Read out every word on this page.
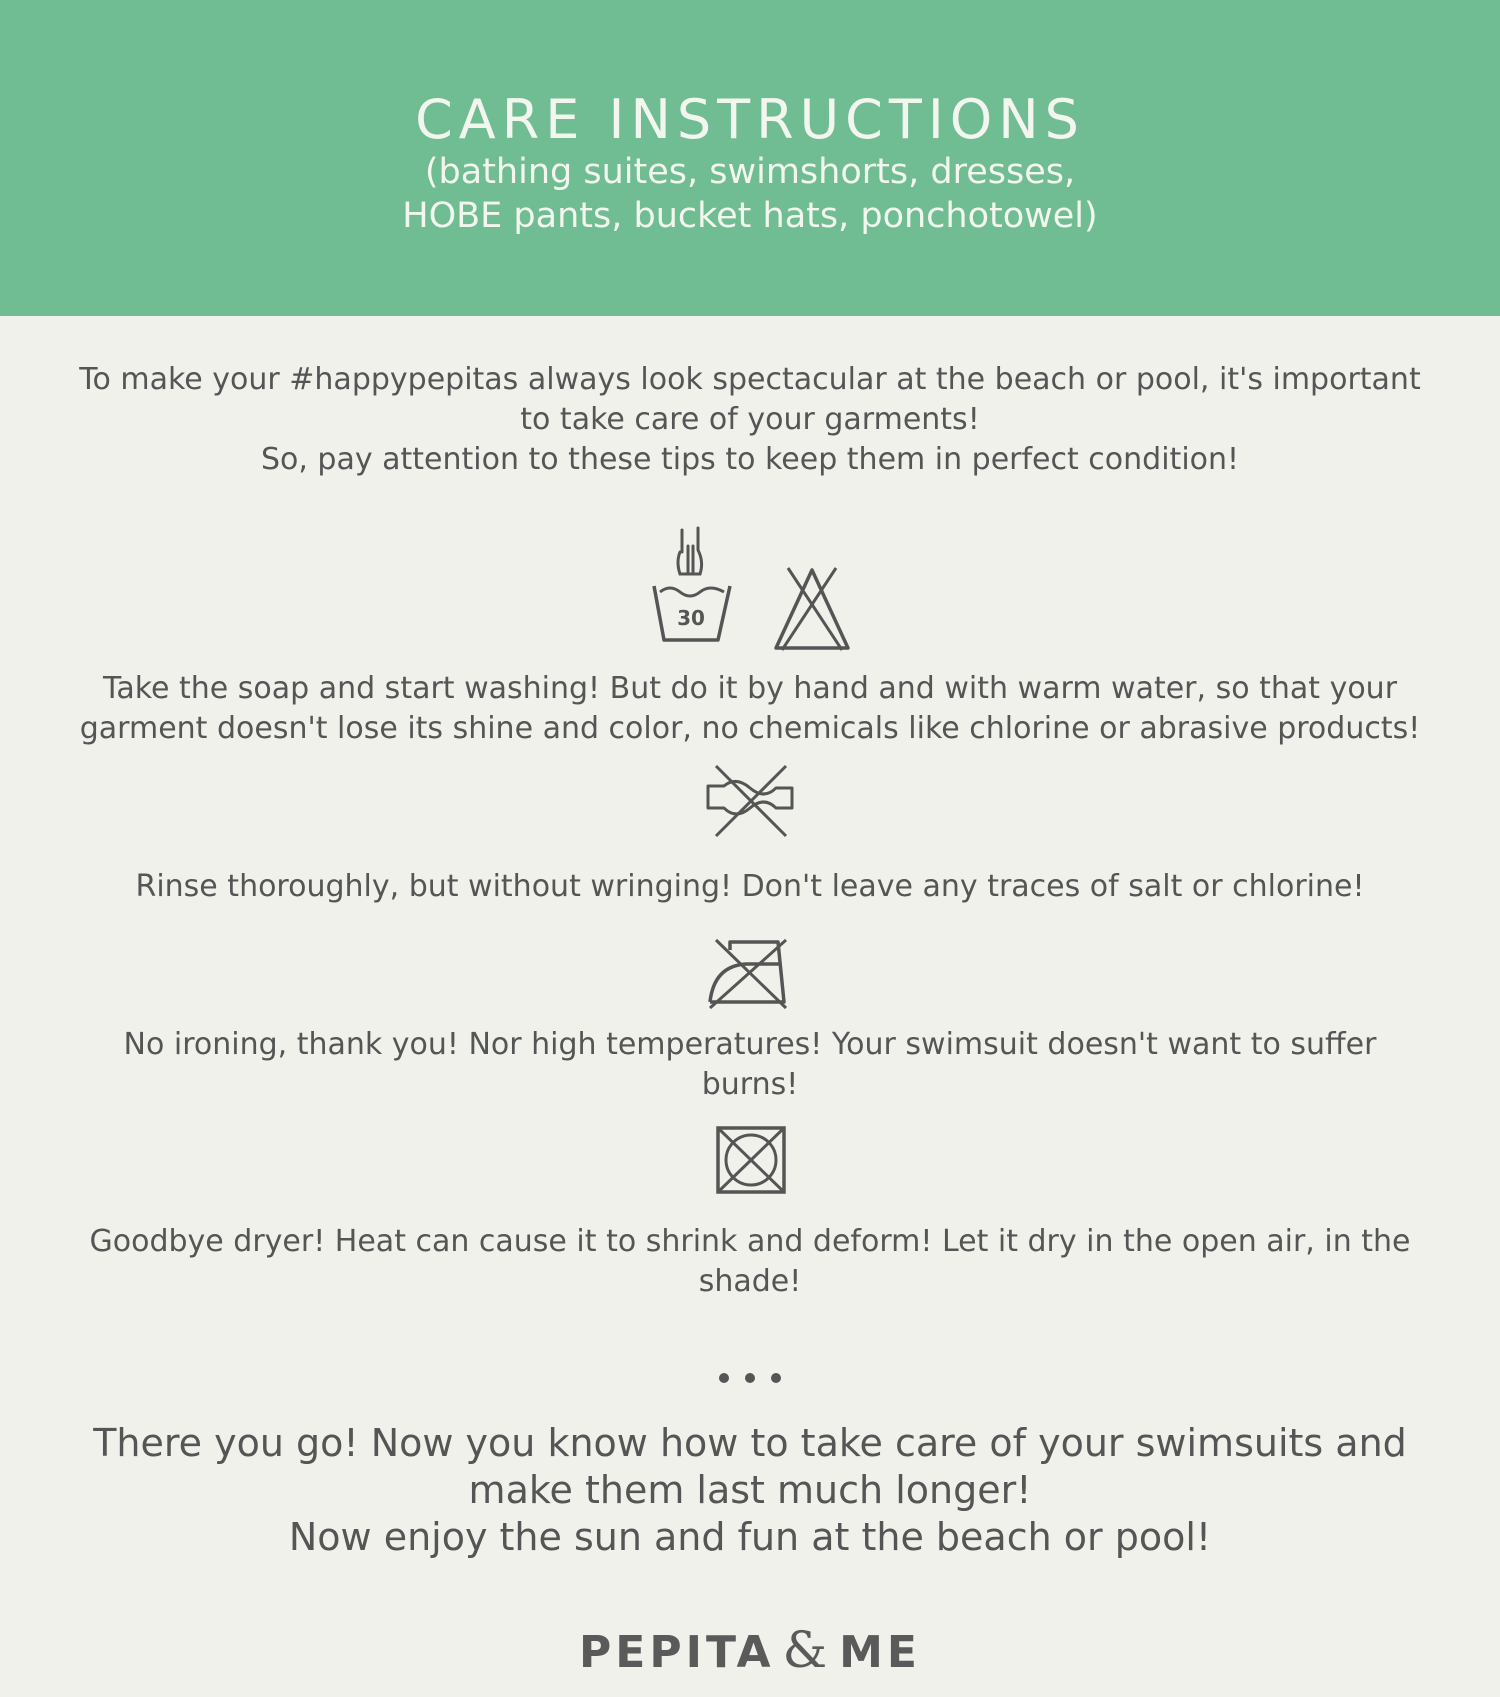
CARE INSTRUCTIONS
(bathing suites, swimshorts, dresses,
HOBE pants, bucket hats, ponchotowel)
To make your #happypepitas always look spectacular at the beach or pool, it's important
to take care of your garments!
So, pay attention to these tips to keep them in perfect condition!
30
Take the soap and start washing! But do it by hand and with warm water, so that your
garment doesn't lose its shine and color, no chemicals like chlorine or abrasive products!
Rinse thoroughly, but without wringing! Don't leave any traces of salt or chlorine!
No ironing, thank you! Nor high temperatures! Your swimsuit doesn't want to suffer
burns!
Goodbye dryer! Heat can cause it to shrink and deform! Let it dry in the open air, in the
shade!
There you go! Now you know how to take care of your swimsuits and
make them last much longer!
Now enjoy the sun and fun at the beach or pool!
PEPITA & ME
